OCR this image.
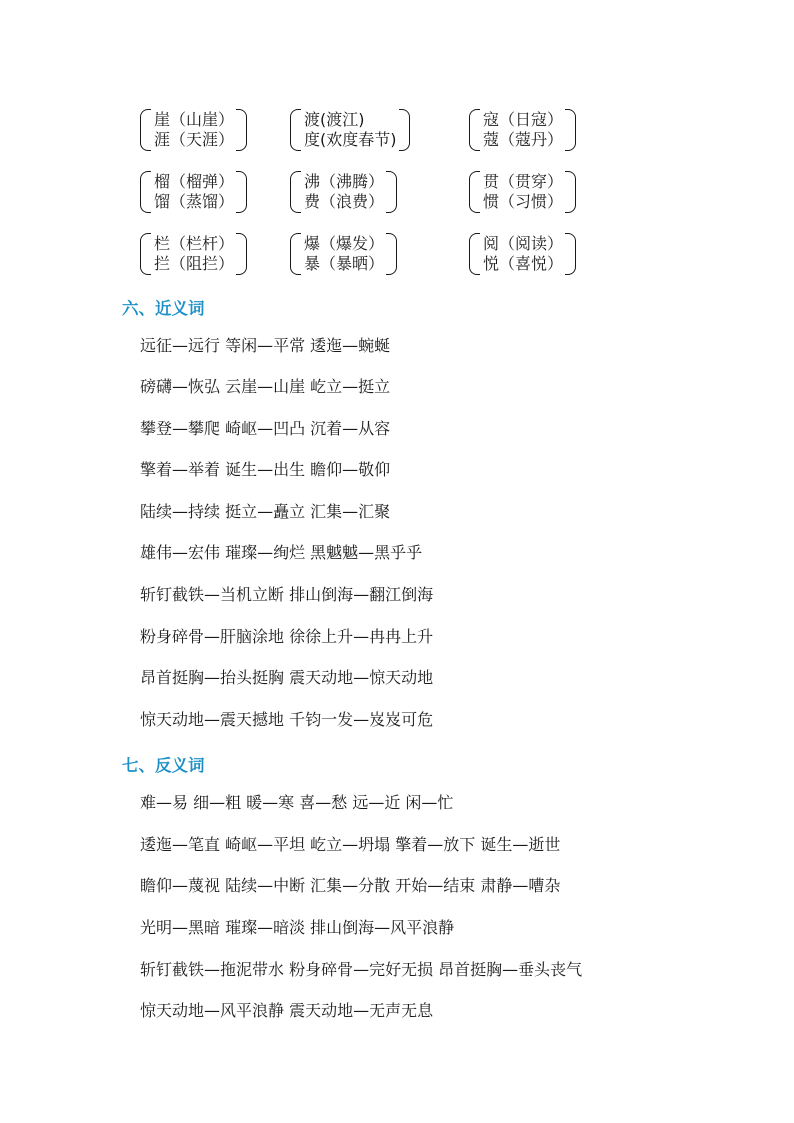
崖（山崖）
涯（天涯）
渡(渡江)
度(欢度春节)
寇（日寇）
蔻（蔻丹）
榴（榴弹）
馏（蒸馏）
沸（沸腾）
费（浪费）
贯（贯穿）
惯（习惯）
栏（栏杆）
拦（阻拦）
爆（爆发）
暴（暴晒）
阅（阅读）
悦（喜悦）
六、近义词
远征—远行 等闲—平常 逶迤—蜿蜒
磅礴—恢弘 云崖—山崖 屹立—挺立
攀登—攀爬 崎岖—凹凸 沉着—从容
擎着—举着 诞生—出生 瞻仰—敬仰
陆续—持续 挺立—矗立 汇集—汇聚
雄伟—宏伟 璀璨—绚烂 黑魆魆—黑乎乎
斩钉截铁—当机立断 排山倒海—翻江倒海
粉身碎骨—肝脑涂地 徐徐上升—冉冉上升
昂首挺胸—抬头挺胸 震天动地—惊天动地
惊天动地—震天撼地 千钧一发—岌岌可危
七、反义词
难—易 细—粗 暖—寒 喜—愁 远—近 闲—忙
逶迤—笔直 崎岖—平坦 屹立—坍塌 擎着—放下 诞生—逝世
瞻仰—蔑视 陆续—中断 汇集—分散 开始—结束 肃静—嘈杂
光明—黑暗 璀璨—暗淡 排山倒海—风平浪静
斩钉截铁—拖泥带水 粉身碎骨—完好无损 昂首挺胸—垂头丧气
惊天动地—风平浪静 震天动地—无声无息
